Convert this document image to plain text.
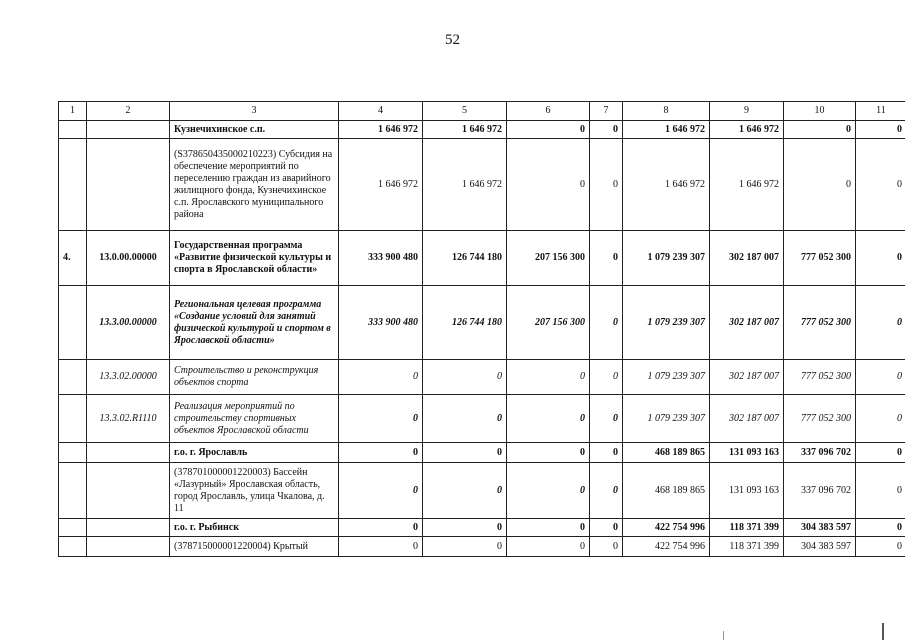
52
1	2	3	4	5	6	7	8	9	10	11
		Кузнечихинское с.п.	1 646 972	1 646 972	0	0	1 646 972	1 646 972	0	0
		(S378650435000210223) Субсидия на обеспечение мероприятий по переселению граждан из аварийного жилищного фонда, Кузнечихинское с.п. Ярославского муниципального района	1 646 972	1 646 972	0	0	1 646 972	1 646 972	0	0
4.	13.0.00.00000	Государственная программа «Развитие физической культуры и спорта в Ярославской области»	333 900 480	126 744 180	207 156 300	0	1 079 239 307	302 187 007	777 052 300	0
	13.3.00.00000	Региональная целевая программа «Создание условий для занятий физической культурой и спортом в Ярославской области»	333 900 480	126 744 180	207 156 300	0	1 079 239 307	302 187 007	777 052 300	0
	13.3.02.00000	Строительство и реконструкция объектов спорта	0	0	0	0	1 079 239 307	302 187 007	777 052 300	0
	13.3.02.R1110	Реализация мероприятий по строительству спортивных объектов Ярославской области	0	0	0	0	1 079 239 307	302 187 007	777 052 300	0
		г.о. г. Ярославль	0	0	0	0	468 189 865	131 093 163	337 096 702	0
		(378701000001220003) Бассейн «Лазурный» Ярославская область, город Ярославль, улица Чкалова, д. 11	0	0	0	0	468 189 865	131 093 163	337 096 702	0
		г.о. г. Рыбинск	0	0	0	0	422 754 996	118 371 399	304 383 597	0
		(378715000001220004) Крытый	0	0	0	0	422 754 996	118 371 399	304 383 597	0
